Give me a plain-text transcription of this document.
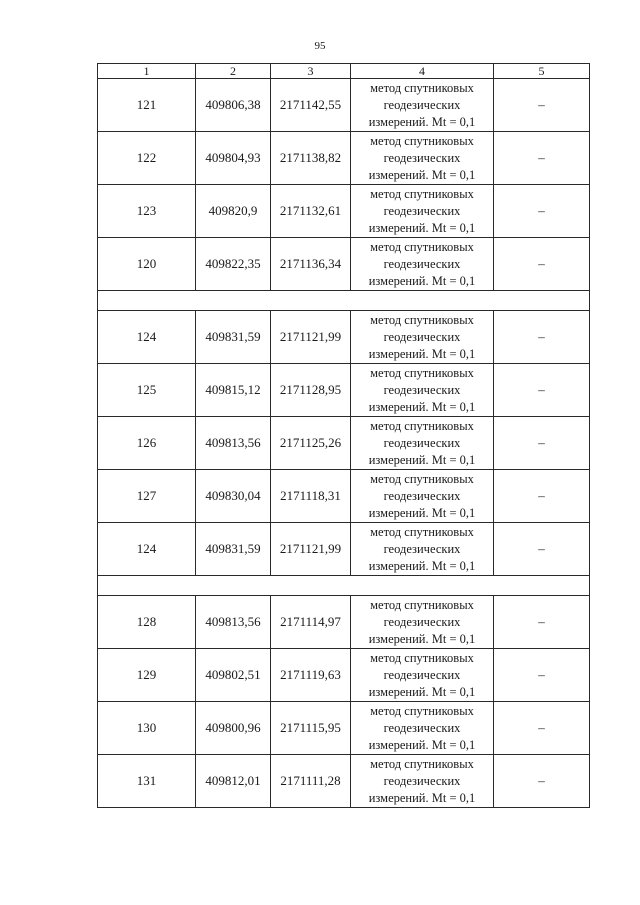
95
1	2	3	4	5
121	409806,38	2171142,55	метод спутниковых
геодезических
измерений. Mt = 0,1	–
122	409804,93	2171138,82	метод спутниковых
геодезических
измерений. Mt = 0,1	–
123	409820,9	2171132,61	метод спутниковых
геодезических
измерений. Mt = 0,1	–
120	409822,35	2171136,34	метод спутниковых
геодезических
измерений. Mt = 0,1	–

124	409831,59	2171121,99	метод спутниковых
геодезических
измерений. Mt = 0,1	–
125	409815,12	2171128,95	метод спутниковых
геодезических
измерений. Mt = 0,1	–
126	409813,56	2171125,26	метод спутниковых
геодезических
измерений. Mt = 0,1	–
127	409830,04	2171118,31	метод спутниковых
геодезических
измерений. Mt = 0,1	–
124	409831,59	2171121,99	метод спутниковых
геодезических
измерений. Mt = 0,1	–

128	409813,56	2171114,97	метод спутниковых
геодезических
измерений. Mt = 0,1	–
129	409802,51	2171119,63	метод спутниковых
геодезических
измерений. Mt = 0,1	–
130	409800,96	2171115,95	метод спутниковых
геодезических
измерений. Mt = 0,1	–
131	409812,01	2171111,28	метод спутниковых
геодезических
измерений. Mt = 0,1	–
